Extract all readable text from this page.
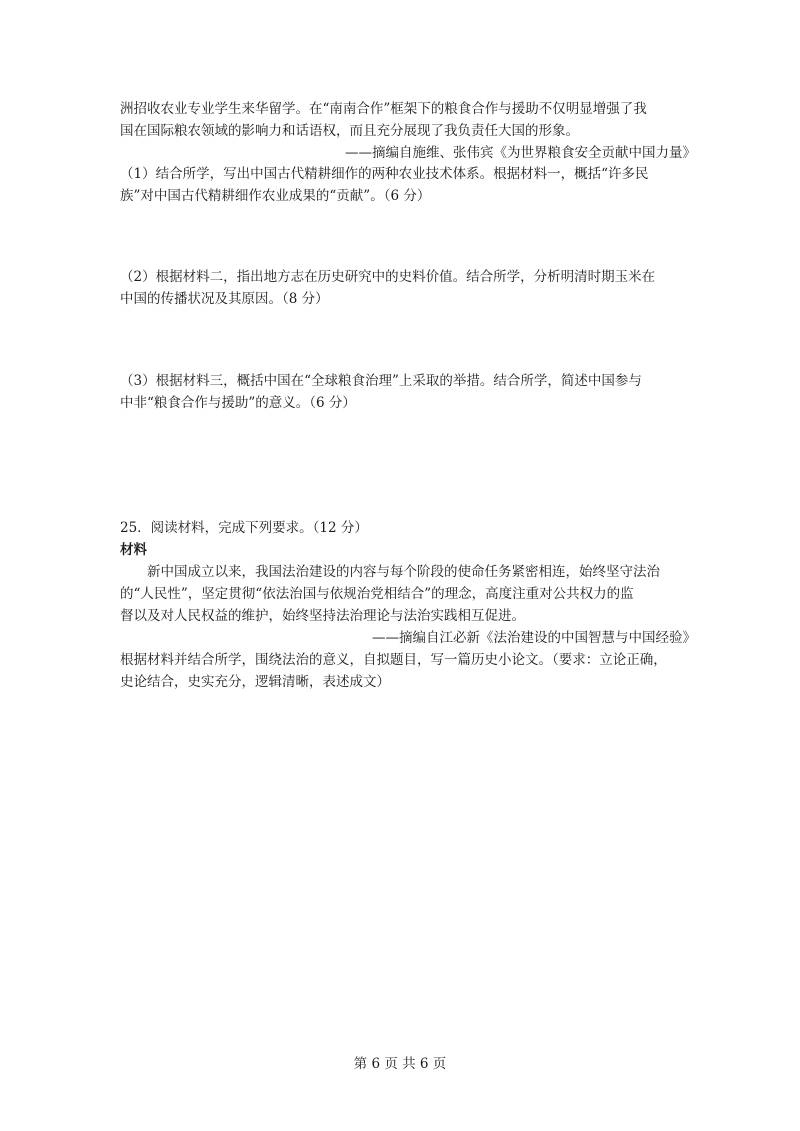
洲招收农业专业学生来华留学。在“南南合作”框架下的粮食合作与援助不仅明显增强了我
国在国际粮农领域的影响力和话语权，而且充分展现了我负责任大国的形象。
——摘编自施维、张伟宾《为世界粮食安全贡献中国力量》
（1）结合所学，写出中国古代精耕细作的两种农业技术体系。根据材料一，概括“许多民
族”对中国古代精耕细作农业成果的“贡献”。（6 分）
（2）根据材料二，指出地方志在历史研究中的史料价值。结合所学，分析明清时期玉米在
中国的传播状况及其原因。（8 分）
（3）根据材料三，概括中国在“全球粮食治理”上采取的举措。结合所学，简述中国参与
中非“粮食合作与援助”的意义。（6 分）
25．阅读材料，完成下列要求。（12 分）
材料
新中国成立以来，我国法治建设的内容与每个阶段的使命任务紧密相连，始终坚守法治
的“人民性”，坚定贯彻“依法治国与依规治党相结合”的理念，高度注重对公共权力的监
督以及对人民权益的维护，始终坚持法治理论与法治实践相互促进。
——摘编自江必新《法治建设的中国智慧与中国经验》
根据材料并结合所学，围绕法治的意义，自拟题目，写一篇历史小论文。（要求：立论正确，
史论结合，史实充分，逻辑清晰，表述成文）
第 6 页 共 6 页
